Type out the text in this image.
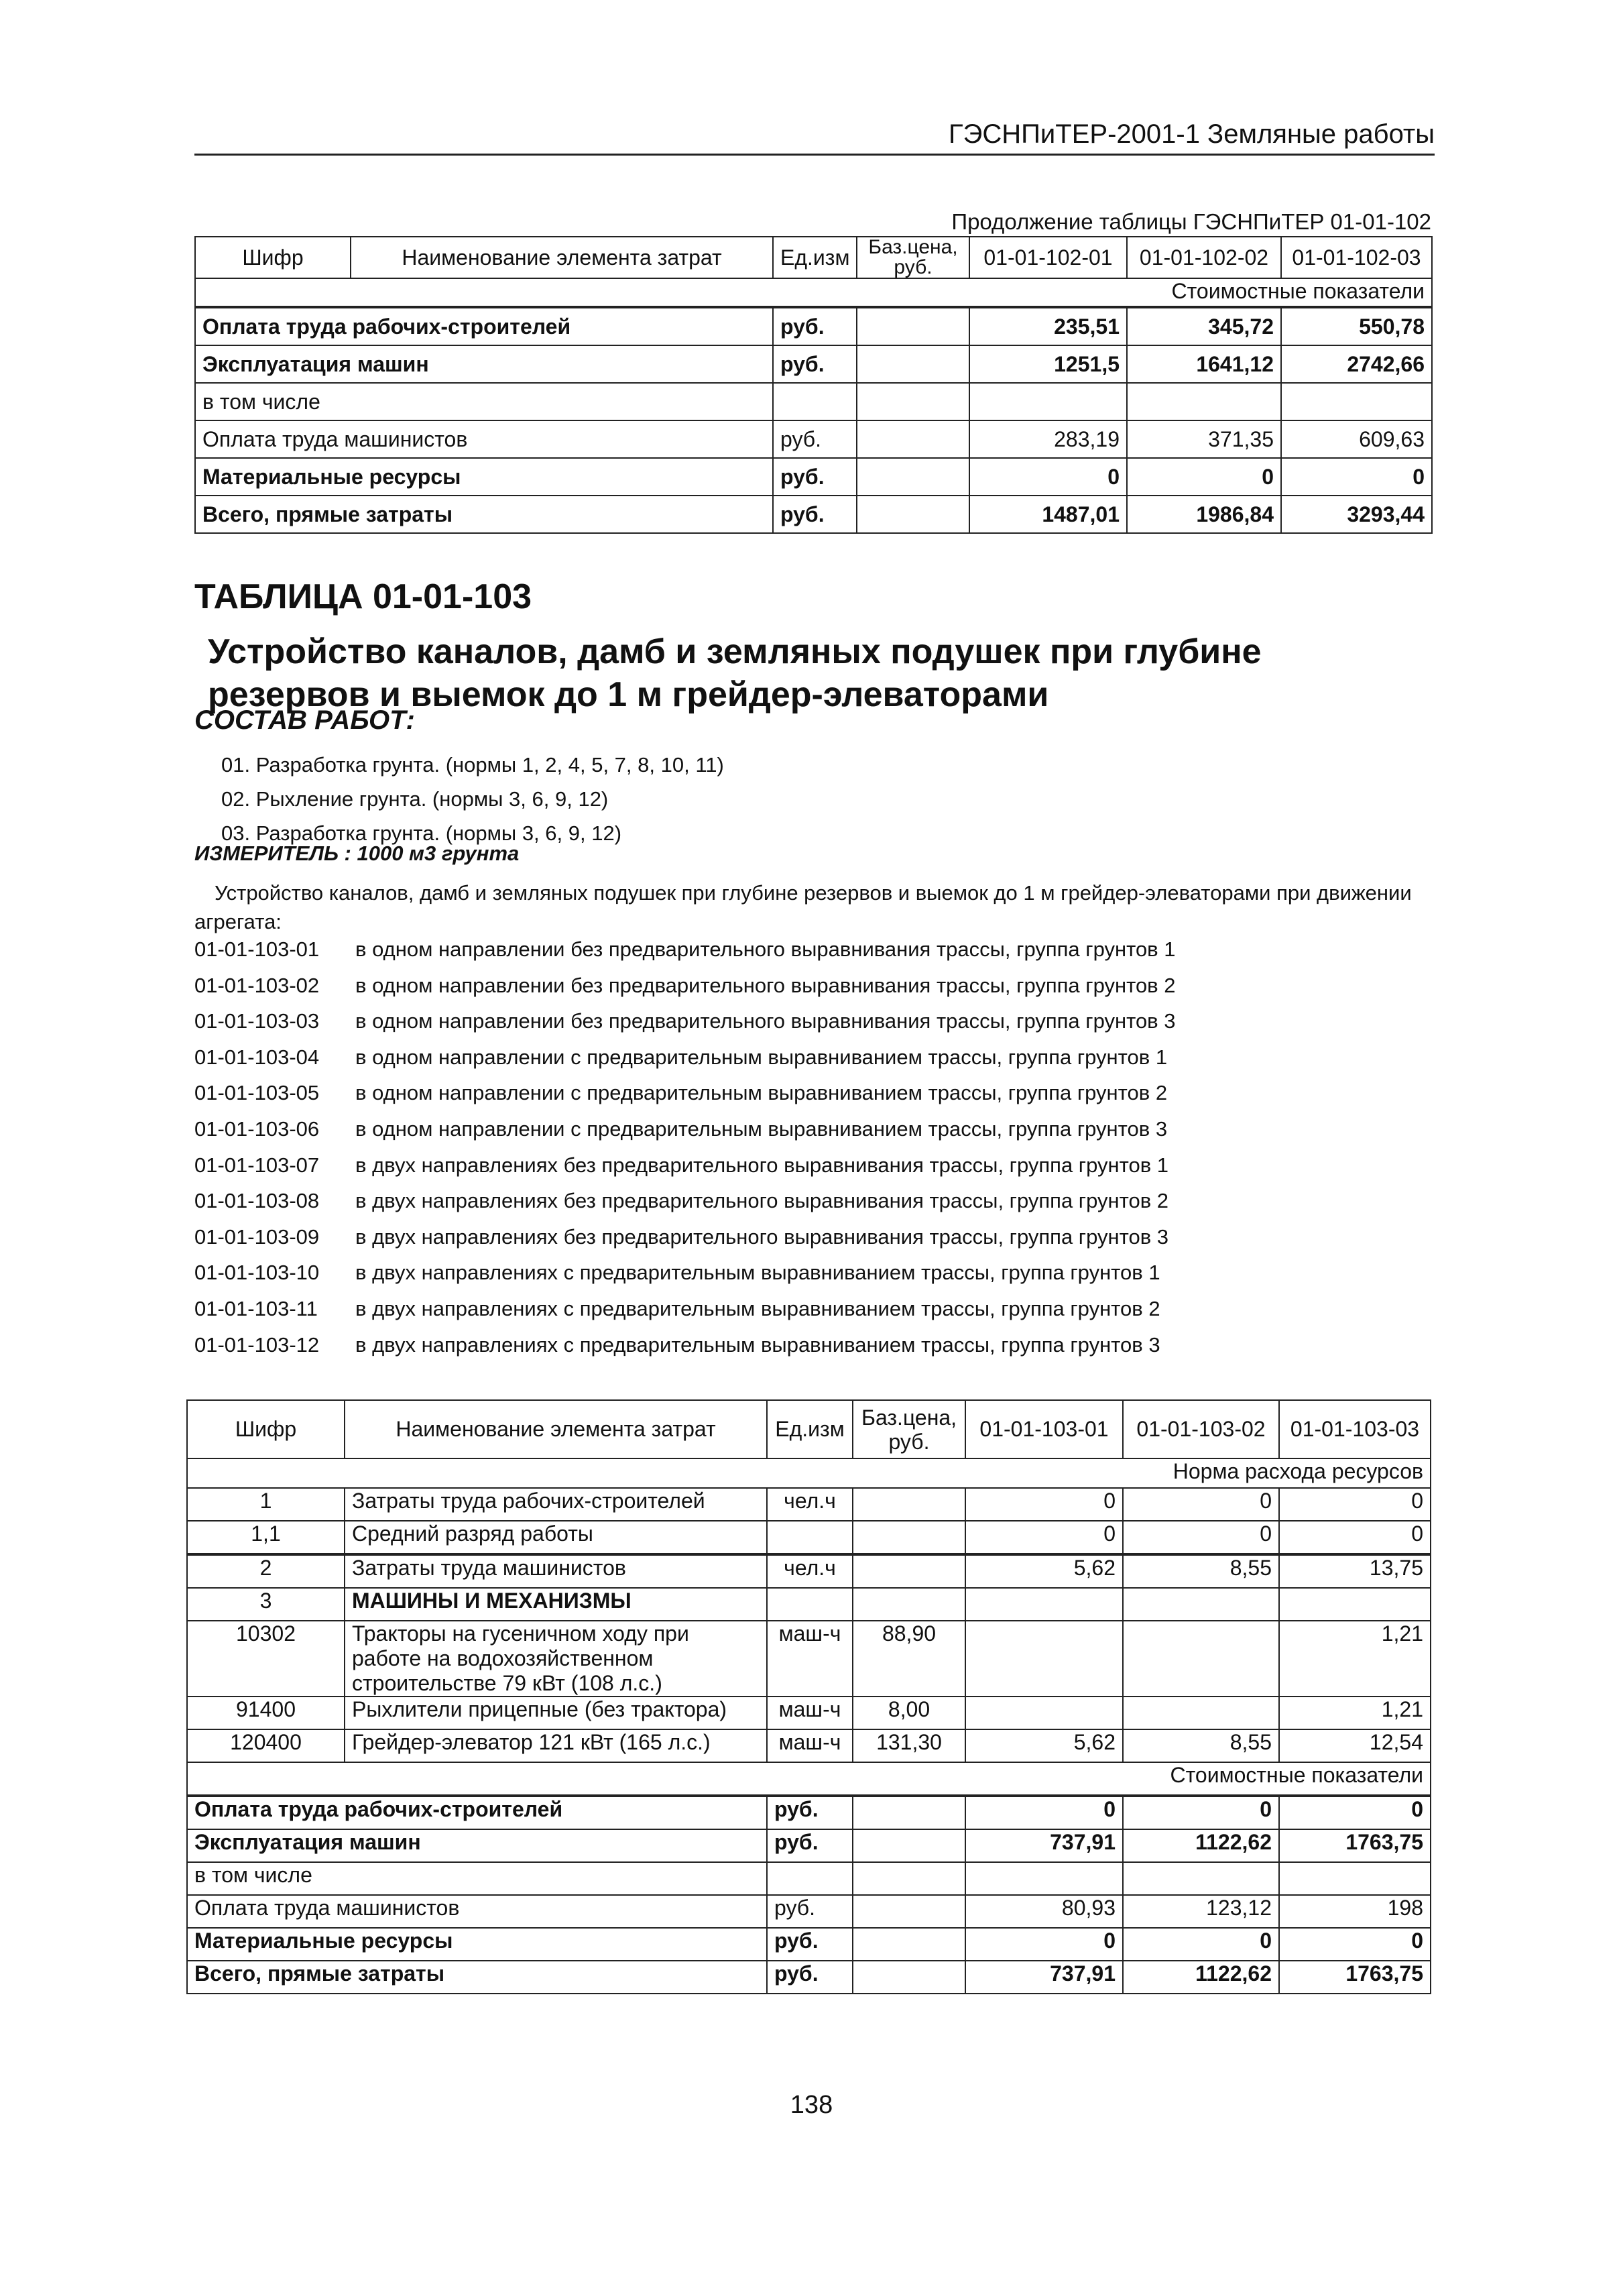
ГЭСНПиТЕР-2001-1 Земляные работы
Продолжение таблицы ГЭСНПиТЕР 01-01-102
Шифр	Наименование элемента затрат	Ед.изм	Баз.цена, руб.	01-01-102-01	01-01-102-02	01-01-102-03
Стоимостные показатели						
Оплата труда рабочих-строителей		руб.		235,51	345,72	550,78
Эксплуатация машин		руб.		1251,5	1641,12	2742,66
в том числе						
Оплата труда машинистов		руб.		283,19	371,35	609,63
Материальные ресурсы		руб.		0	0	0
Всего, прямые затраты		руб.		1487,01	1986,84	3293,44
ТАБЛИЦА 01-01-103
Устройство каналов, дамб и земляных подушек при глубине резервов и выемок до 1 м грейдер-элеваторами
СОСТАВ РАБОТ:
01. Разработка грунта. (нормы 1, 2, 4, 5, 7, 8, 10, 11)
02. Рыхление грунта. (нормы 3, 6, 9, 12)
03. Разработка грунта. (нормы 3, 6, 9, 12)
ИЗМЕРИТЕЛЬ : 1000 м3 грунта
Устройство каналов, дамб и земляных подушек при глубине резервов и выемок до 1 м грейдер-элеваторами при движении агрегата:
01-01-103-01	в одном направлении без предварительного выравнивания трассы, группа грунтов 1
01-01-103-02	в одном направлении без предварительного выравнивания трассы, группа грунтов 2
01-01-103-03	в одном направлении без предварительного выравнивания трассы, группа грунтов 3
01-01-103-04	в одном направлении с предварительным выравниванием трассы, группа грунтов 1
01-01-103-05	в одном направлении с предварительным выравниванием трассы, группа грунтов 2
01-01-103-06	в одном направлении с предварительным выравниванием трассы, группа грунтов 3
01-01-103-07	в двух направлениях без предварительного выравнивания трассы, группа грунтов 1
01-01-103-08	в двух направлениях без предварительного выравнивания трассы, группа грунтов 2
01-01-103-09	в двух направлениях без предварительного выравнивания трассы, группа грунтов 3
01-01-103-10	в двух направлениях с предварительным выравниванием трассы, группа грунтов 1
01-01-103-11	в двух направлениях с предварительным выравниванием трассы, группа грунтов 2
01-01-103-12	в двух направлениях с предварительным выравниванием трассы, группа грунтов 3
Шифр	Наименование элемента затрат	Ед.изм	Баз.цена, руб.	01-01-103-01	01-01-103-02	01-01-103-03
Норма расхода ресурсов						
1	Затраты труда рабочих-строителей	чел.ч		0	0	0
1,1	Средний разряд работы			0	0	0
2	Затраты труда машинистов	чел.ч		5,62	8,55	13,75
3	МАШИНЫ И МЕХАНИЗМЫ					
10302	Тракторы на гусеничном ходу при работе на водохозяйственном строительстве 79 кВт (108 л.с.)	маш-ч	88,90			1,21
91400	Рыхлители прицепные (без трактора)	маш-ч	8,00			1,21
120400	Грейдер-элеватор 121 кВт (165 л.с.)	маш-ч	131,30	5,62	8,55	12,54
Стоимостные показатели						
Оплата труда рабочих-строителей		руб.		0	0	0
Эксплуатация машин		руб.		737,91	1122,62	1763,75
в том числе						
Оплата труда машинистов		руб.		80,93	123,12	198
Материальные ресурсы		руб.		0	0	0
Всего, прямые затраты		руб.		737,91	1122,62	1763,75
138
